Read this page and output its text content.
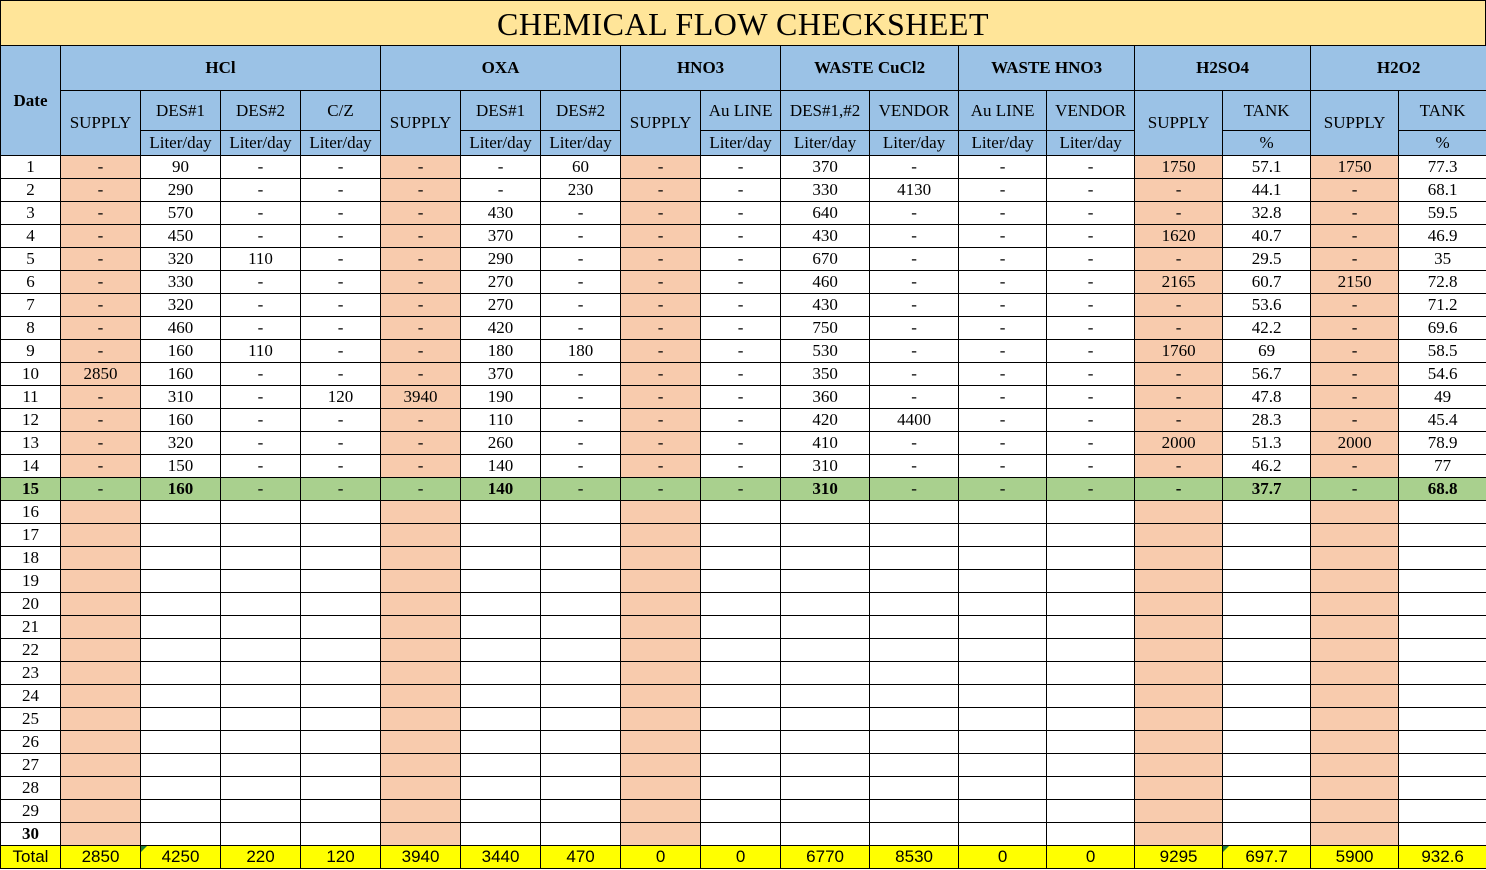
CHEMICAL FLOW CHECKSHEET
Date	HCl				OXA			HNO3		WASTE CuCl2		WASTE HNO3		H2SO4		H2O2	
	SUPPLY	DES#1	DES#2	C/Z	SUPPLY	DES#1	DES#2	SUPPLY	Au LINE	DES#1,#2	VENDOR	Au LINE	VENDOR	SUPPLY	TANK	SUPPLY	TANK
		Liter/day	Liter/day	Liter/day		Liter/day	Liter/day		Liter/day	Liter/day	Liter/day	Liter/day	Liter/day		%		%
1	-	90	-	-	-	-	60	-	-	370	-	-	-	1750	57.1	1750	77.3
2	-	290	-	-	-	-	230	-	-	330	4130	-	-	-	44.1	-	68.1
3	-	570	-	-	-	430	-	-	-	640	-	-	-	-	32.8	-	59.5
4	-	450	-	-	-	370	-	-	-	430	-	-	-	1620	40.7	-	46.9
5	-	320	110	-	-	290	-	-	-	670	-	-	-	-	29.5	-	35
6	-	330	-	-	-	270	-	-	-	460	-	-	-	2165	60.7	2150	72.8
7	-	320	-	-	-	270	-	-	-	430	-	-	-	-	53.6	-	71.2
8	-	460	-	-	-	420	-	-	-	750	-	-	-	-	42.2	-	69.6
9	-	160	110	-	-	180	180	-	-	530	-	-	-	1760	69	-	58.5
10	2850	160	-	-	-	370	-	-	-	350	-	-	-	-	56.7	-	54.6
11	-	310	-	120	3940	190	-	-	-	360	-	-	-	-	47.8	-	49
12	-	160	-	-	-	110	-	-	-	420	4400	-	-	-	28.3	-	45.4
13	-	320	-	-	-	260	-	-	-	410	-	-	-	2000	51.3	2000	78.9
14	-	150	-	-	-	140	-	-	-	310	-	-	-	-	46.2	-	77
15	-	160	-	-	-	140	-	-	-	310	-	-	-	-	37.7	-	68.8
16																	
17																	
18																	
19																	
20																	
21																	
22																	
23																	
24																	
25																	
26																	
27																	
28																	
29																	
30																	
Total	2850	4250	220	120	3940	3440	470	0	0	6770	8530	0	0	9295	697.7	5900	932.6
